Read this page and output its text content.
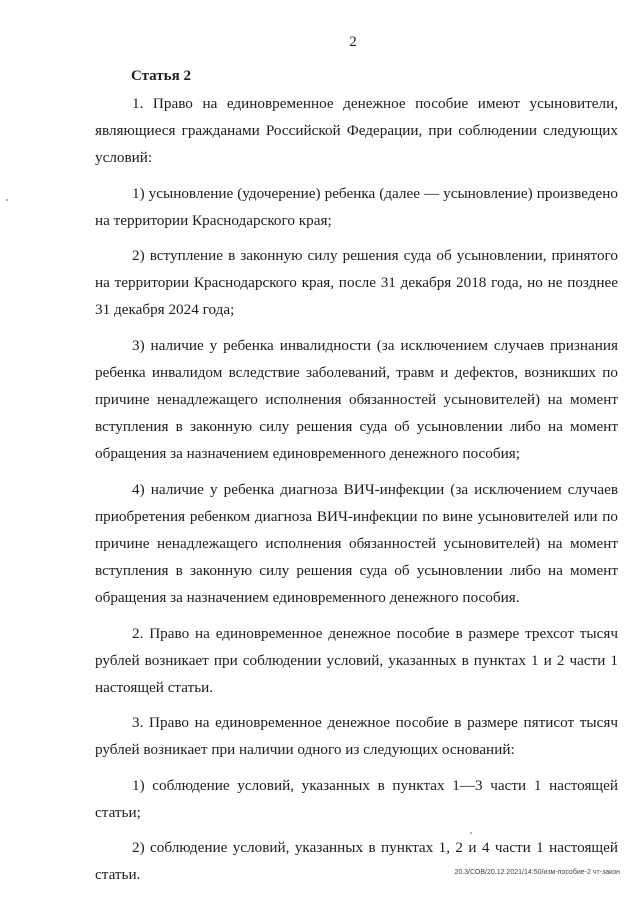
2
Статья 2

1. Право на единовременное денежное пособие имеют усыновители, являющиеся гражданами Российской Федерации, при соблюдении следующих условий:

1) усыновление (удочерение) ребенка (далее — усыновление) произведено на территории Краснодарского края;

2) вступление в законную силу решения суда об усыновлении, принятого на территории Краснодарского края, после 31 декабря 2018 года, но не позднее 31 декабря 2024 года;

3) наличие у ребенка инвалидности (за исключением случаев признания ребенка инвалидом вследствие заболеваний, травм и дефектов, возникших по причине ненадлежащего исполнения обязанностей усыновителей) на момент вступления в законную силу решения суда об усыновлении либо на момент обращения за назначением единовременного денежного пособия;

4) наличие у ребенка диагноза ВИЧ-инфекции (за исключением случаев приобретения ребенком диагноза ВИЧ-инфекции по вине усыновителей или по причине ненадлежащего исполнения обязанностей усыновителей) на момент вступления в законную силу решения суда об усыновлении либо на момент обращения за назначением единовременного денежного пособия.

2. Право на единовременное денежное пособие в размере трехсот тысяч рублей возникает при соблюдении условий, указанных в пунктах 1 и 2 части 1 настоящей статьи.

3. Право на единовременное денежное пособие в размере пятисот тысяч рублей возникает при наличии одного из следующих оснований:

1) соблюдение условий, указанных в пунктах 1—3 части 1 настоящей статьи;

2) соблюдение условий, указанных в пунктах 1, 2 и 4 части 1 настоящей статьи.	20.3/СОВ/20.12.2021/14:50/изм-пособие-2 чт-закон
